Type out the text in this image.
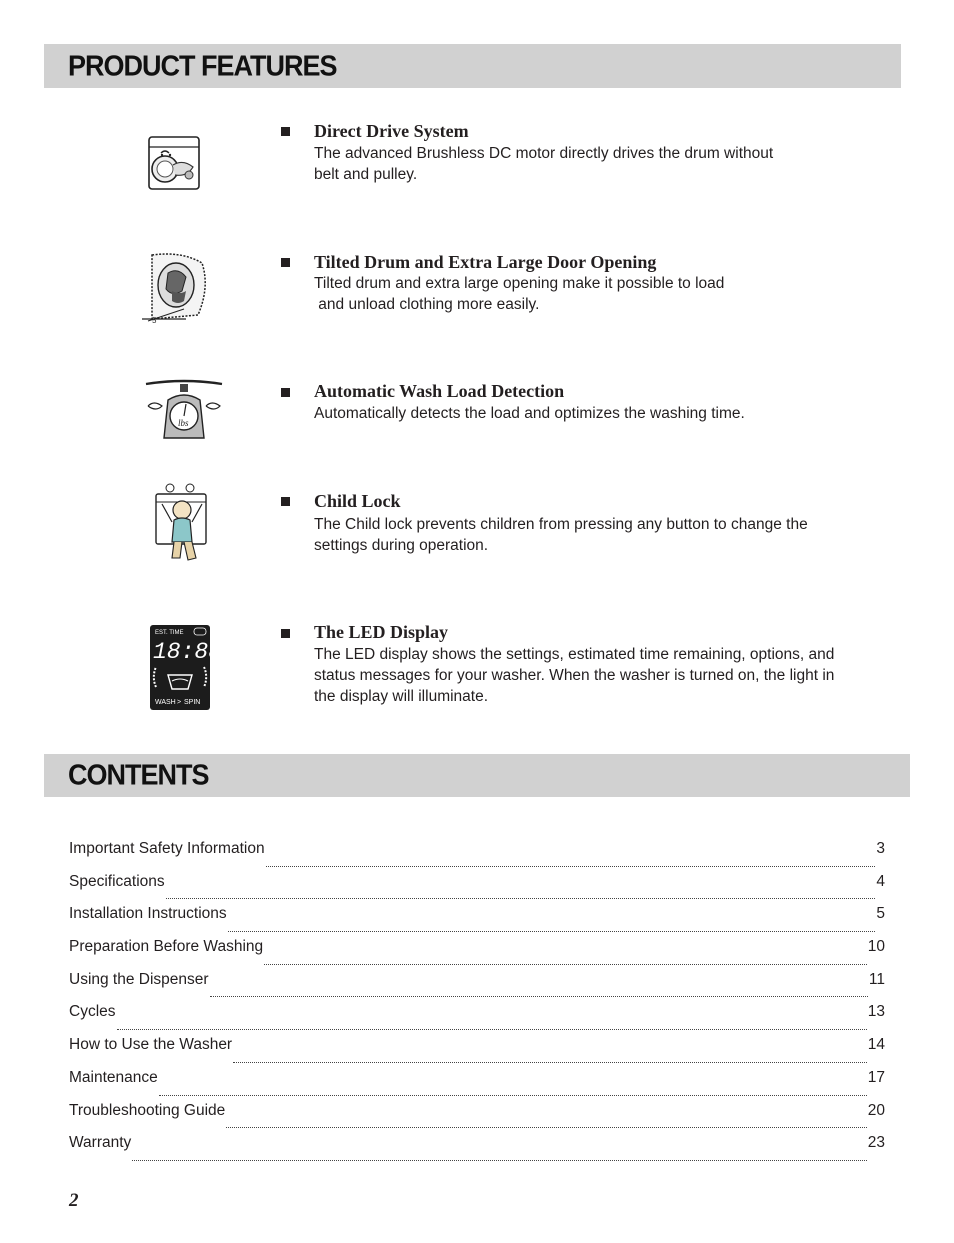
PRODUCT FEATURES
Direct Drive System

The advanced Brushless DC motor directly drives the drum without
belt and pulley.

5°
Tilted Drum and Extra Large Door Opening

Tilted drum and extra large opening make it possible to load
and unload clothing more easily.

lbs
Automatic Wash Load Detection

Automatically detects the load and optimizes the washing time.

Child Lock

The Child lock prevents children from pressing any button to change the
settings during operation.

EST. TIME
18:88
WASH > SPIN
The LED Display

The LED display shows the settings, estimated time remaining, options, and
status messages for your washer. When the washer is turned on, the light in
the display will illuminate.

CONTENTS
Important Safety Information	3
Specifications	4
Installation Instructions	5
Preparation Before Washing	10
Using the Dispenser	11
Cycles	13
How to Use the Washer	14
Maintenance	17
Troubleshooting Guide	20
Warranty	23
2
